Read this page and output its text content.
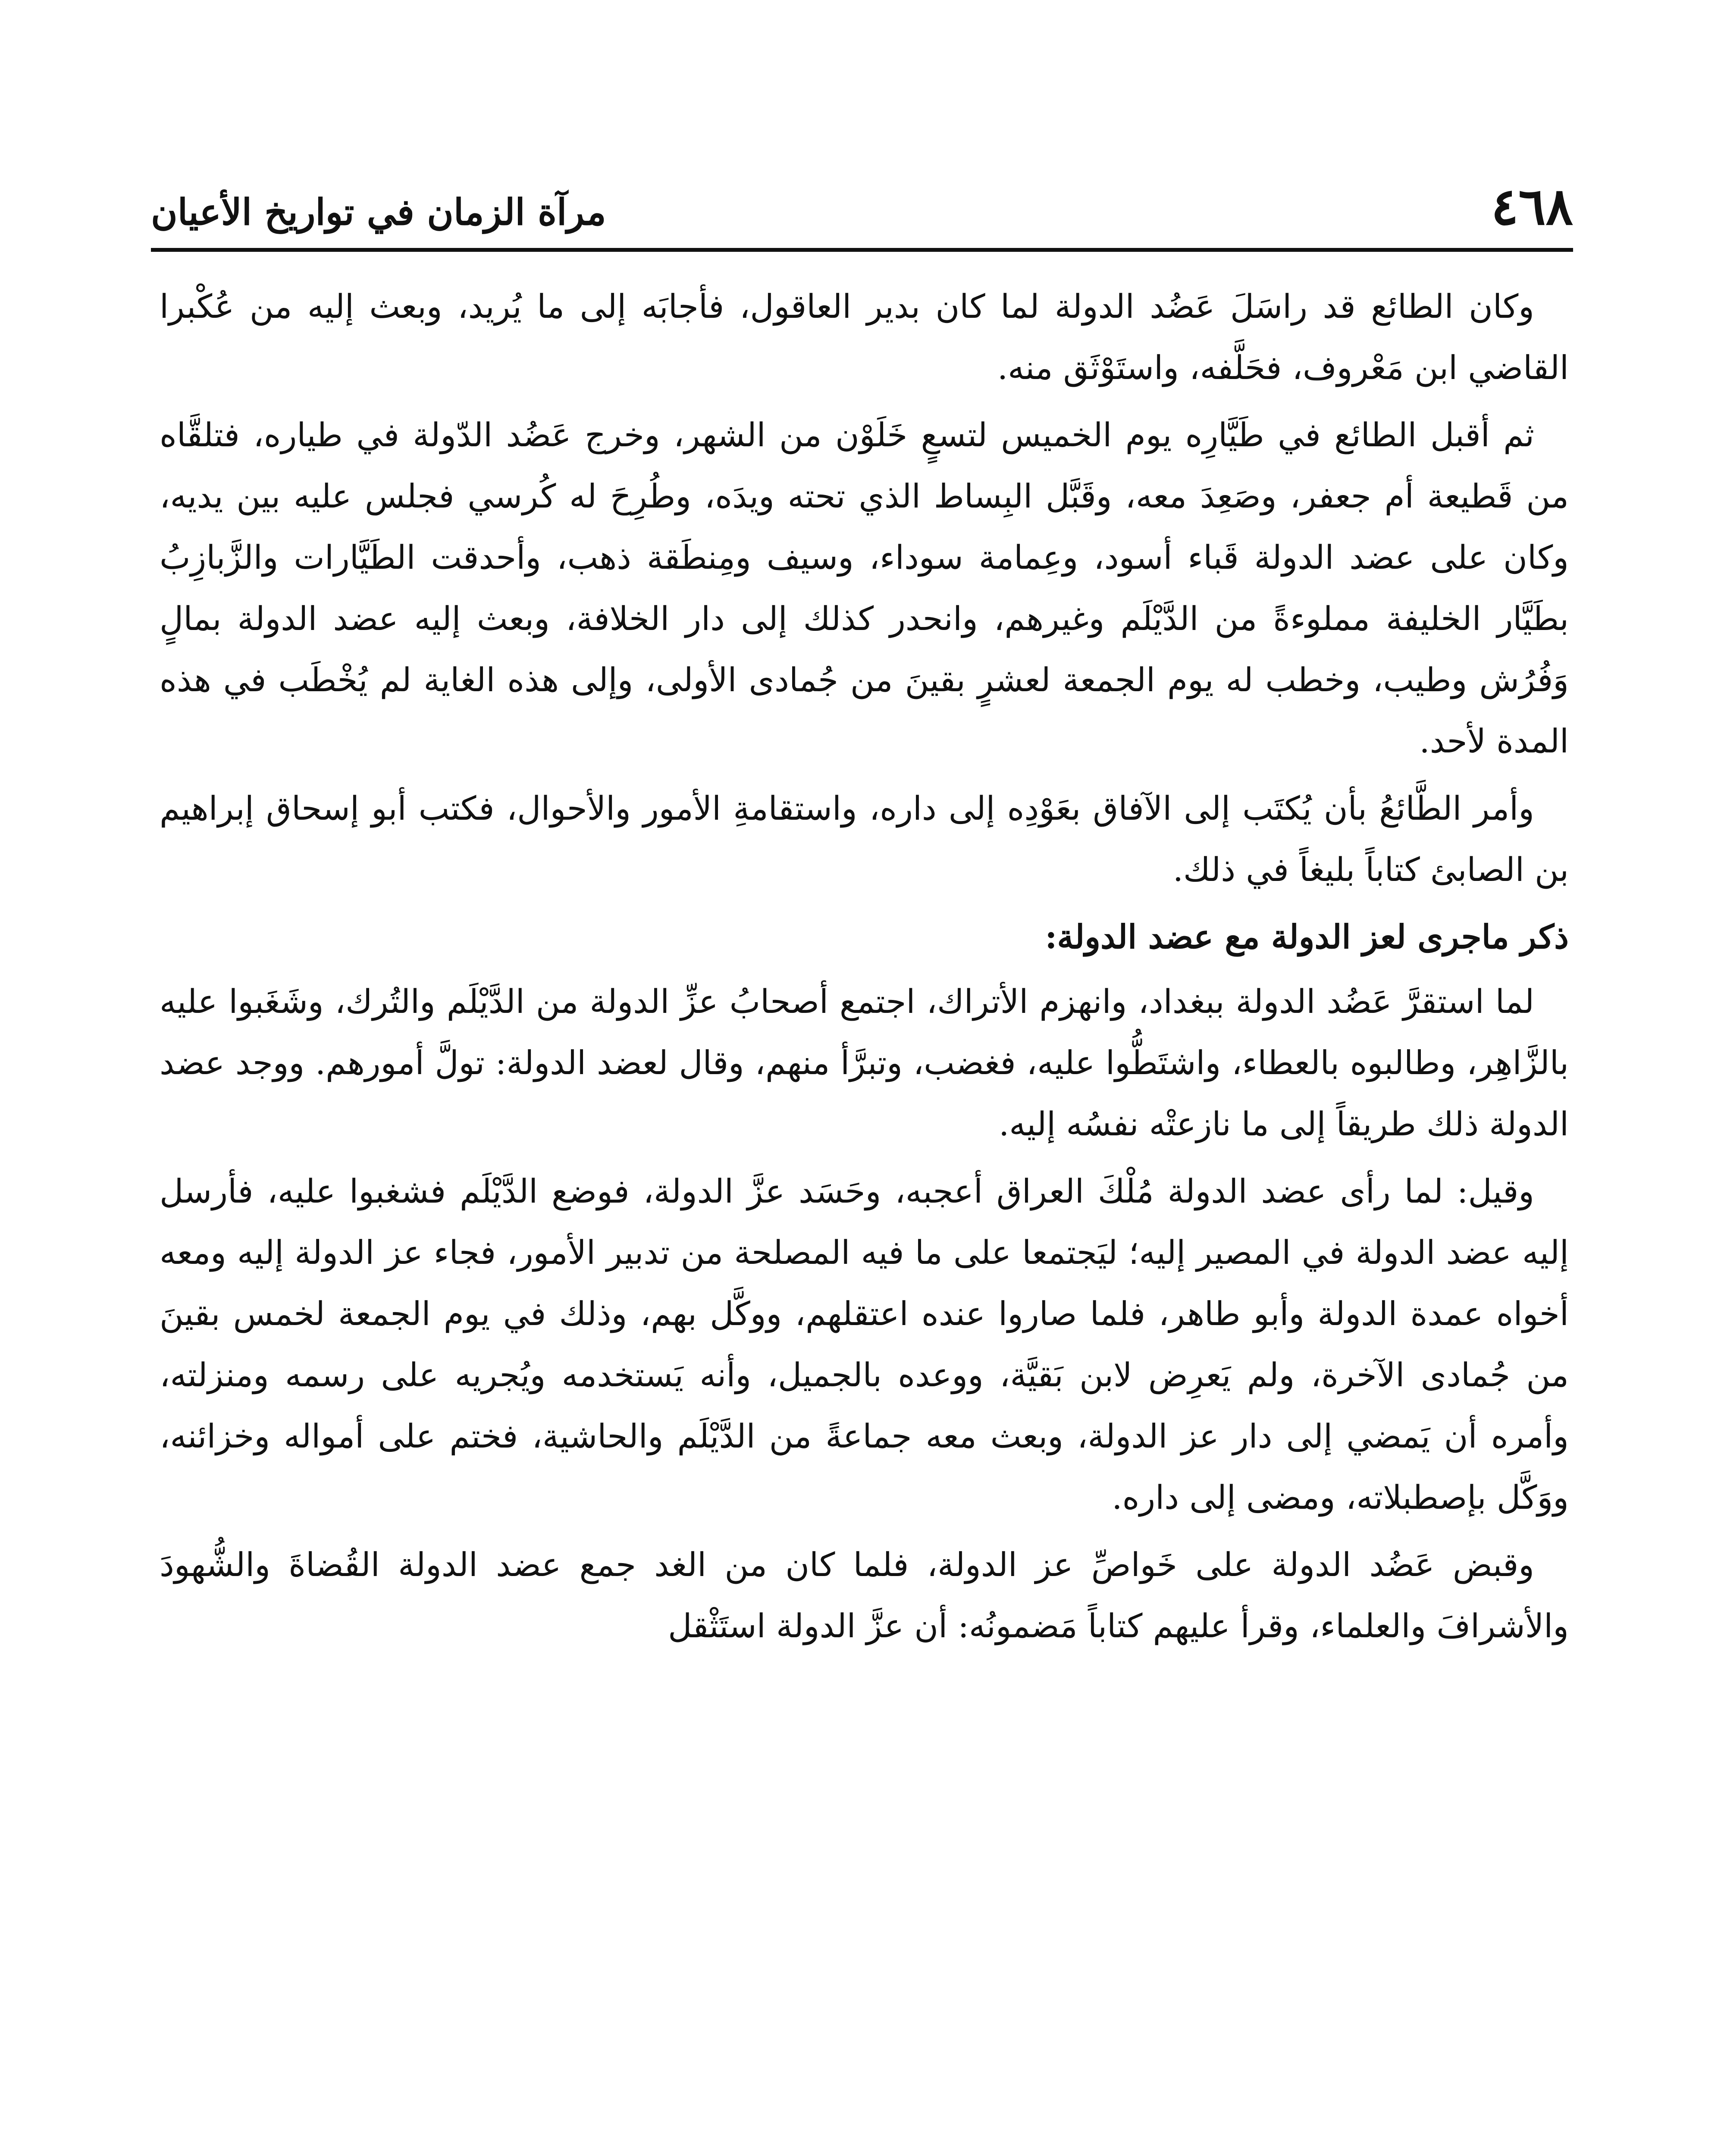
٤٦٨
مرآة الزمان في تواريخ الأعيان

وكان الطائع قد راسَلَ عَضُد الدولة لما كان بدير العاقول، فأجابَه إلى ما يُريد، وبعث إليه من عُكْبرا القاضي ابن مَعْروف، فحَلَّفه، واستَوْثَق منه.

ثم أقبل الطائع في طَيَّارِه يوم الخميس لتسعٍ خَلَوْن من الشهر، وخرج عَضُد الدّولة في طياره، فتلقَّاه من قَطيعة أم جعفر، وصَعِدَ معه، وقَبَّل البِساط الذي تحته ويدَه، وطُرِحَ له كُرسي فجلس عليه بين يديه، وكان على عضد الدولة قَباء أسود، وعِمامة سوداء، وسيف ومِنطَقة ذهب، وأحدقت الطَيَّارات والزَّبازِبُ بطَيَّار الخليفة مملوءةً من الدَّيْلَم وغيرهم، وانحدر كذلك إلى دار الخلافة، وبعث إليه عضد الدولة بمالٍ وَفُرُش وطيب، وخطب له يوم الجمعة لعشرٍ بقينَ من جُمادى الأولى، وإلى هذه الغاية لم يُخْطَب في هذه المدة لأحد.

وأمر الطَّائعُ بأن يُكتَب إلى الآفاق بعَوْدِه إلى داره، واستقامةِ الأمور والأحوال، فكتب أبو إسحاق إبراهيم بن الصابئ كتاباً بليغاً في ذلك.

ذكر ماجرى لعز الدولة مع عضد الدولة:

لما استقرَّ عَضُد الدولة ببغداد، وانهزم الأتراك، اجتمع أصحابُ عزِّ الدولة من الدَّيْلَم والتُرك، وشَغَبوا عليه بالزَّاهِر، وطالبوه بالعطاء، واشتَطُّوا عليه، فغضب، وتبرَّأ منهم، وقال لعضد الدولة: تولَّ أمورهم. ووجد عضد الدولة ذلك طريقاً إلى ما نازعتْه نفسُه إليه.

وقيل: لما رأى عضد الدولة مُلْكَ العراق أعجبه، وحَسَد عزَّ الدولة، فوضع الدَّيْلَم فشغبوا عليه، فأرسل إليه عضد الدولة في المصير إليه؛ ليَجتمعا على ما فيه المصلحة من تدبير الأمور، فجاء عز الدولة إليه ومعه أخواه عمدة الدولة وأبو طاهر، فلما صاروا عنده اعتقلهم، ووكَّل بهم، وذلك في يوم الجمعة لخمس بقينَ من جُمادى الآخرة، ولم يَعرِض لابن بَقيَّة، ووعده بالجميل، وأنه يَستخدمه ويُجريه على رسمه ومنزلته، وأمره أن يَمضي إلى دار عز الدولة، وبعث معه جماعةً من الدَّيْلَم والحاشية، فختم على أمواله وخزائنه، ووَكَّل بإصطبلاته، ومضى إلى داره.

وقبض عَضُد الدولة على خَواصِّ عز الدولة، فلما كان من الغد جمع عضد الدولة القُضاةَ والشُّهودَ والأشرافَ والعلماء، وقرأ عليهم كتاباً مَضمونُه: أن عزَّ الدولة استَثْقل
